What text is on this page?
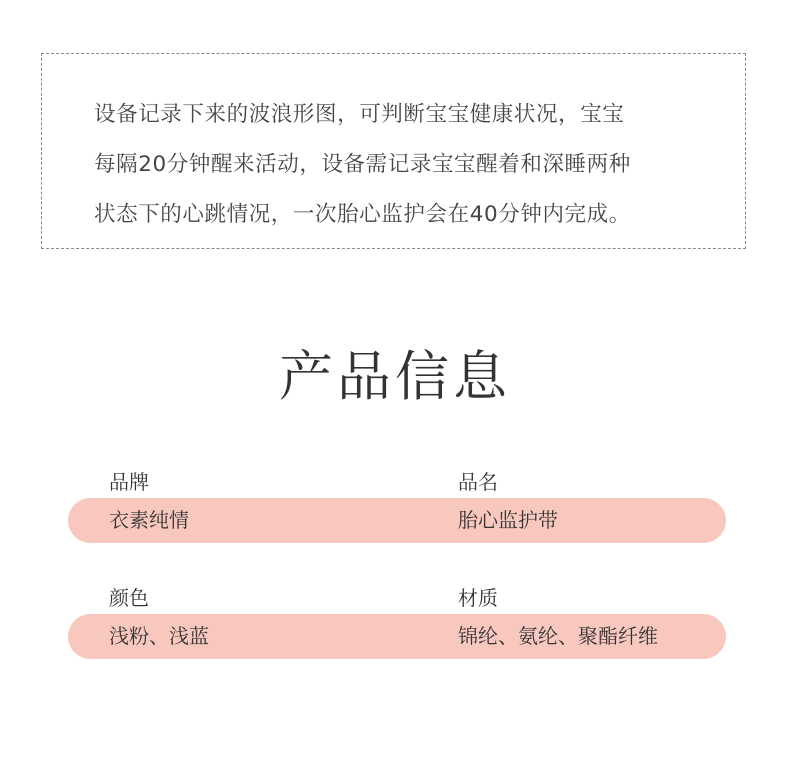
设备记录下来的波浪形图，可判断宝宝健康状况，宝宝
每隔20分钟醒来活动，设备需记录宝宝醒着和深睡两种
状态下的心跳情况，一次胎心监护会在40分钟内完成。
产品信息
品牌	品名
衣素纯情	胎心监护带
颜色	材质
浅粉、浅蓝	锦纶、氨纶、聚酯纤维
